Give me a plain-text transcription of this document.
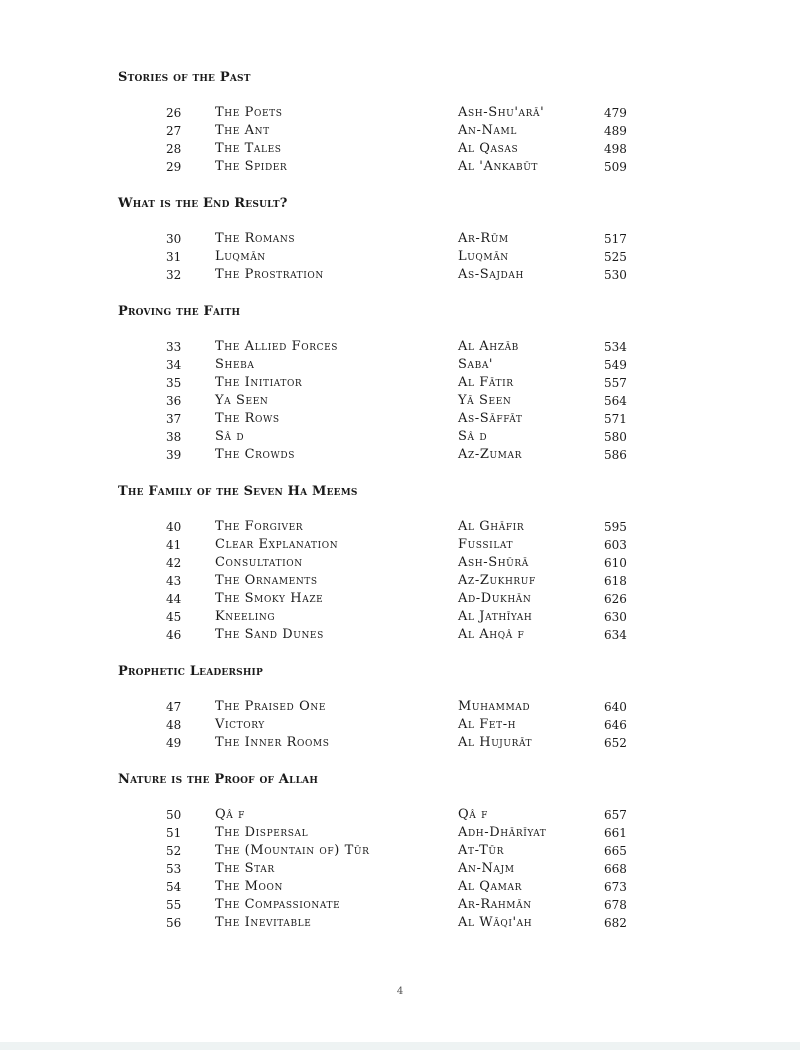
Stories of the Past
26	The Poets	Ash-Shu'arā'	479
27	The Ant	An-Naml	489
28	The Tales	Al Qasas	498
29	The Spider	Al 'Ankabūt	509
What is the End Result?
30	The Romans	Ar-Rūm	517
31	Luqmān	Luqmān	525
32	The Prostration	As-Sajdah	530
Proving the Faith
33	The Allied Forces	Al Ahzāb	534
34	Sheba	Saba'	549
35	The Initiator	Al Fātir	557
36	Ya Seen	Yā Seen	564
37	The Rows	As-Sāffāt	571
38	Sâ d	Sâ d	580
39	The Crowds	Az-Zumar	586
The Family of the Seven Ha Meems
40	The Forgiver	Al Ghāfir	595
41	Clear Explanation	Fussilat	603
42	Consultation	Ash-Shūrā	610
43	The Ornaments	Az-Zukhruf	618
44	The Smoky Haze	Ad-Dukhān	626
45	Kneeling	Al Jathīyah	630
46	The Sand Dunes	Al Ahqâ f	634
Prophetic Leadership
47	The Praised One	Muhammad	640
48	Victory	Al Fet-h	646
49	The Inner Rooms	Al Hujurāt	652
Nature is the Proof of Allah
50	Qâ f	Qâ f	657
51	The Dispersal	Adh-Dhārīyat	661
52	The (Mountain of) Tūr	At-Tūr	665
53	The Star	An-Najm	668
54	The Moon	Al Qamar	673
55	The Compassionate	Ar-Rahmān	678
56	The Inevitable	Al Wāqi'ah	682
4
